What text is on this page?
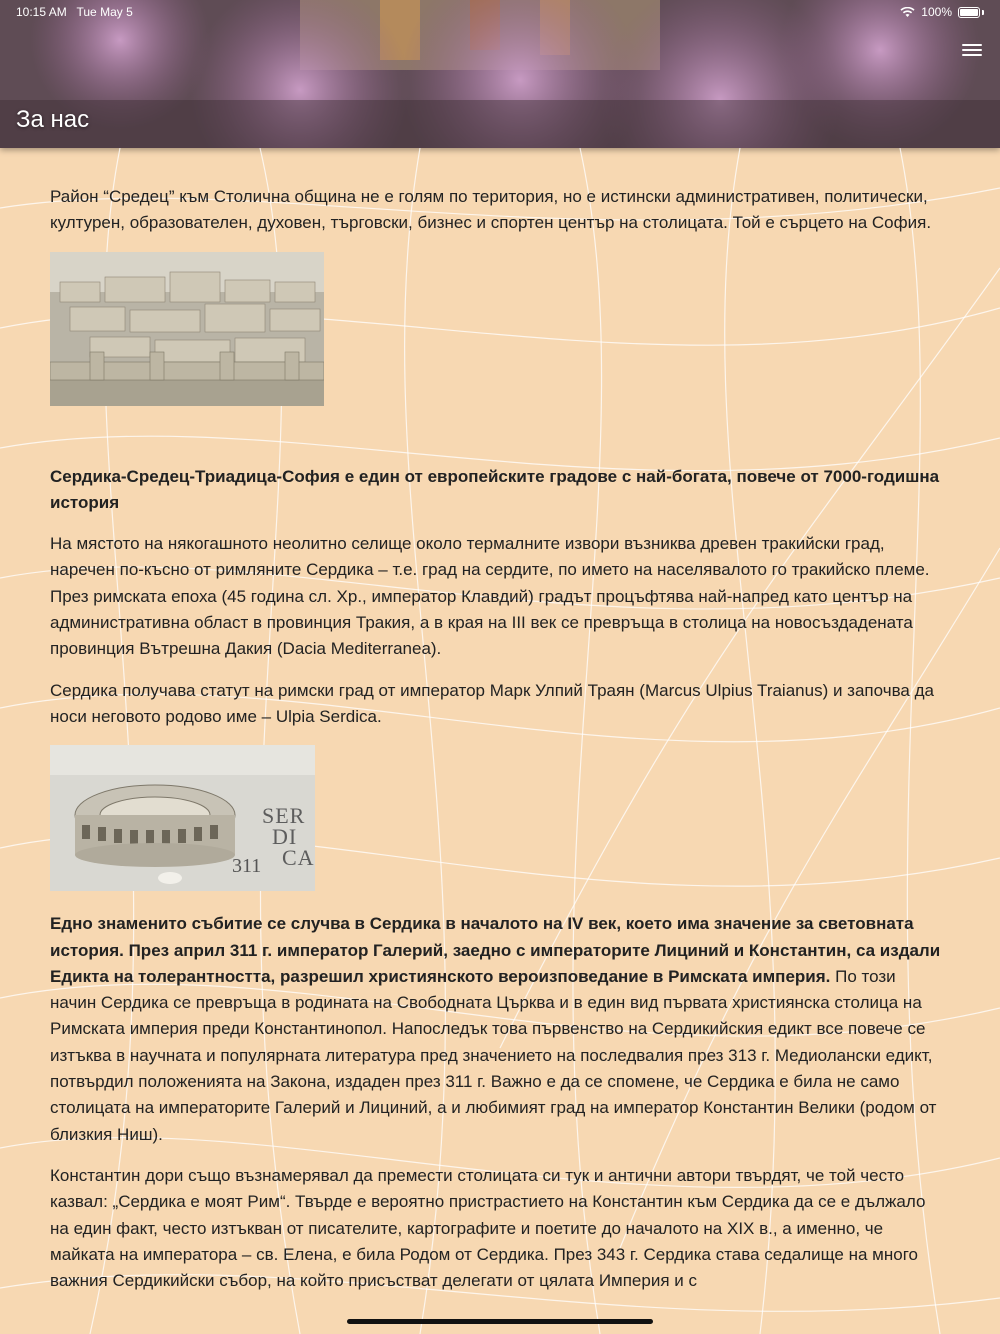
10:15 AM Tue May 5	100%
За нас

Район “Средец” към Столична община не е голям по територия, но е истински административен, политически, културен, образователен, духовен, търговски, бизнес и спортен център на столицата. Той е сърцето на София.

Сердика-Средец-Триадица-София е един от европейските градове с най-богата, повече от 7000-годишна история

На мястото на някогашното неолитно селище около термалните извори възниква древен тракийски град, наречен по-късно от римляните Сердика – т.е. град на сердите, по името на населявалото го тракийско племе. През римската епоха (45 година сл. Хр., император Клавдий) градът процъфтява най-напред като център на административна област в провинция Тракия, а в края на III век се превръща в столица на новосъздадената провинция Вътрешна Дакия (Dacia Mediterranea).

Сердика получава статут на римски град от император Марк Улпий Траян (Marcus Ulpius Traianus) и започва да носи неговото родово име – Ulpia Serdica.

SER
DI
CA
311

Едно знаменито събитие се случва в Сердика в началото на IV век, което има значение за световната история. През април 311 г. император Галерий, заедно с императорите Лициний и Константин, са издали Едикта на толерантността, разрешил християнското вероизповедание в Римската империя. По този начин Сердика се превръща в родината на Свободната Църква и в един вид първата християнска столица на Римската империя преди Константинопол. Напоследък това първенство на Сердикийския едикт все повече се изтъква в научната и популярната литература пред значението на последвалия през 313 г. Медиолански едикт, потвърдил положенията на Закона, издаден през 311 г. Важно е да се спомене, че Сердика е била не само столицата на императорите Галерий и Лициний, а и любимият град на император Константин Велики (родом от близкия Ниш).

Константин дори също възнамерявал да премести столицата си тук и антични автори твърдят, че той често казвал: „Сердика е моят Рим“. Твърде е вероятно пристрастието на Константин към Сердика да се е дължало на един факт, често изтъкван от писателите, картографите и поетите до началото на XIX в., а именно, че майката на императора – св. Елена, е била Родом от Сердика. През 343 г. Сердика става седалище на много важния Сердикийски събор, на който присъстват делегати от цялата Империя и с
